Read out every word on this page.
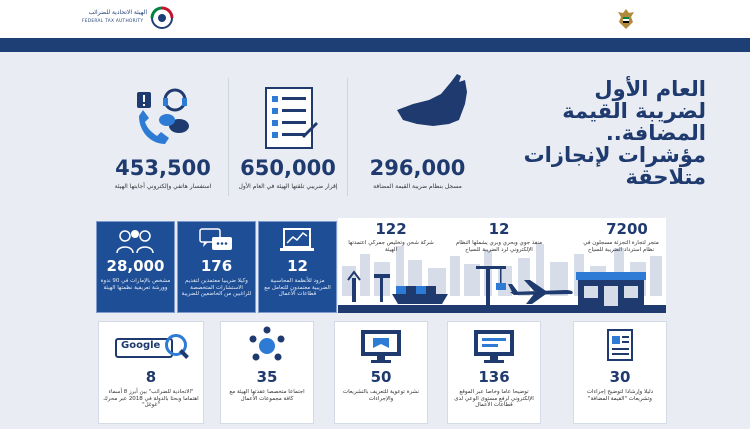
الهيئة الاتحادية للضرائب
FEDERAL TAX AUTHORITY
العام الأول
لضريبة القيمة
المضافة..
مؤشرات لإنجازات
متلاحقة
296,000
مسجل بنظام ضريبة القيمة المضافة
650,000
إقرار ضريبي تلقتها الهيئة في العام الأول
453,500
استفسار هاتفي وإلكتروني أجابتها الهيئة
12
مزود للأنظمة المحاسبية الضريبية معتمدون للتعامل مع قطاعات الأعمال
176
وكيلا ضريبيا معتمدين لتقديم الاستشارات المتخصصة للراغبين من الخاضعين للضريبة
28,000
مشخص بالإمارات في 90 ندوة وورشة تعريفية نظمتها الهيئة
7200
متجر لتجارة التجزئة مسجلون في نظام استرداد الضريبة للسياح
12
منفذ جوي وبحري وبري يشملها النظام الإلكتروني لرد الضريبة للسياح
122
شركة شحن وتخليص جمركي اعتمدتها الهيئة
30
دليلا وإرشادا لتوضيح إجراءات وتشريعات "القيمة المضافة"
136
توضيحا عاما وخاصا عبر الموقع الإلكتروني لرفع مستوى الوعي لدى قطاعات الأعمال
50
نشرة توعوية للتعريف بالتشريعات والإجراءات
35
اجتماعا متخصصا عقدتها الهيئة مع كافة مجموعات الأعمال
Google
8
"الاتحادية للضرائب" بين أبرز 8 أسماء اهتماما وبحثا بالدولة في 2018 عبر محرك "غوغل"
